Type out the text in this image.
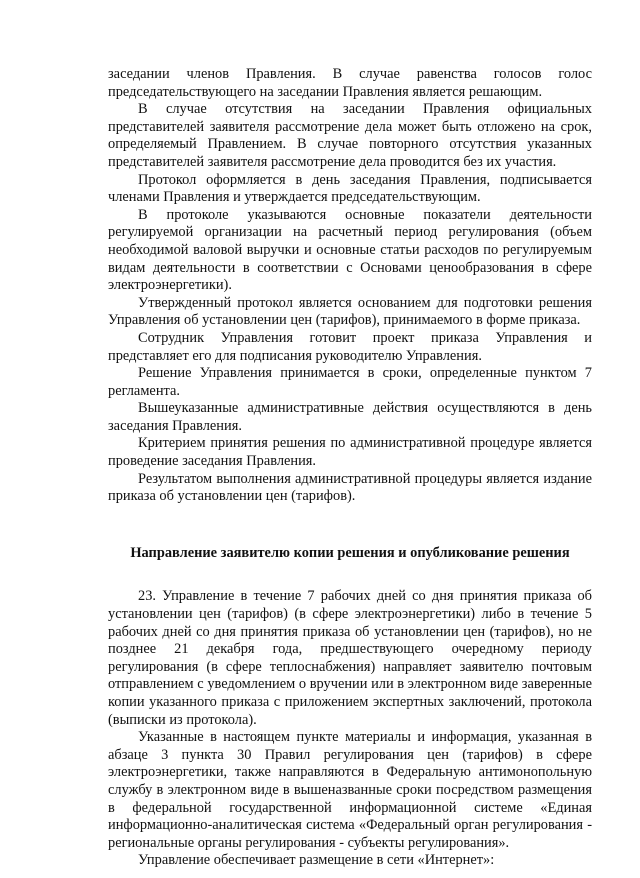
заседании членов Правления. В случае равенства голосов голос председательствующего на заседании Правления является решающим.

В случае отсутствия на заседании Правления официальных представителей заявителя рассмотрение дела может быть отложено на срок, определяемый Правлением. В случае повторного отсутствия указанных представителей заявителя рассмотрение дела проводится без их участия.

Протокол оформляется в день заседания Правления, подписывается членами Правления и утверждается председательствующим.

В протоколе указываются основные показатели деятельности регулируемой организации на расчетный период регулирования (объем необходимой валовой выручки и основные статьи расходов по регулируемым видам деятельности в соответствии с Основами ценообразования в сфере электроэнергетики).

Утвержденный протокол является основанием для подготовки решения Управления об установлении цен (тарифов), принимаемого в форме приказа.

Сотрудник Управления готовит проект приказа Управления и представляет его для подписания руководителю Управления.

Решение Управления принимается в сроки, определенные пунктом 7 регламента.

Вышеуказанные административные действия осуществляются в день заседания Правления.

Критерием принятия решения по административной процедуре является проведение заседания Правления.

Результатом выполнения административной процедуры является издание приказа об установлении цен (тарифов).

Направление заявителю копии решения и опубликование решения

23. Управление в течение 7 рабочих дней со дня принятия приказа об установлении цен (тарифов) (в сфере электроэнергетики) либо в течение 5 рабочих дней со дня принятия приказа об установлении цен (тарифов), но не позднее 21 декабря года, предшествующего очередному периоду регулирования (в сфере теплоснабжения) направляет заявителю почтовым отправлением с уведомлением о вручении или в электронном виде заверенные копии указанного приказа с приложением экспертных заключений, протокола (выписки из протокола).

Указанные в настоящем пункте материалы и информация, указанная в абзаце 3 пункта 30 Правил регулирования цен (тарифов) в сфере электроэнергетики, также направляются в Федеральную антимонопольную службу в электронном виде в вышеназванные сроки посредством размещения в федеральной государственной информационной системе «Единая информационно-аналитическая система «Федеральный орган регулирования - региональные органы регулирования - субъекты регулирования».

Управление обеспечивает размещение в сети «Интернет»:
